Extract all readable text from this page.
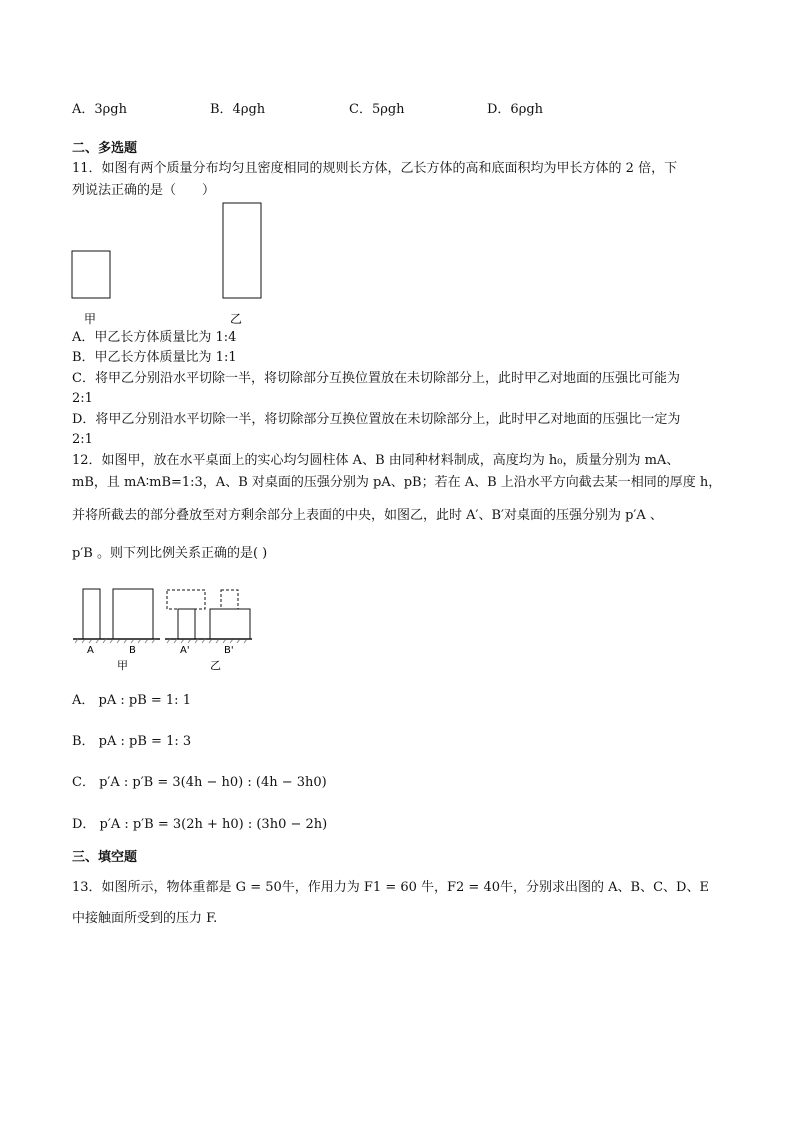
A．3ρgh	B．4ρgh	C．5ρgh	D．6ρgh
二、多选题
11．如图有两个质量分布均匀且密度相同的规则长方体，乙长方体的高和底面积均为甲长方体的 2 倍，下
列说法正确的是（　　）
甲	乙
A．甲乙长方体质量比为 1:4
B．甲乙长方体质量比为 1:1
C．将甲乙分别沿水平切除一半，将切除部分互换位置放在未切除部分上，此时甲乙对地面的压强比可能为
2:1
D．将甲乙分别沿水平切除一半，将切除部分互换位置放在未切除部分上，此时甲乙对地面的压强比一定为
2:1
12．如图甲，放在水平桌面上的实心均匀圆柱体 A、B 由同种材料制成，高度均为 h₀，质量分别为 mA、
mB，且 mA∶mB=1:3，A、B 对桌面的压强分别为 pA、pB；若在 A、B 上沿水平方向截去某一相同的厚度 h，
并将所截去的部分叠放至对方剩余部分上表面的中央，如图乙，此时 A′、B′对桌面的压强分别为 p′A 、
p′B 。则下列比例关系正确的是( )
A	B
甲
A'	B'
乙
A． pA : pB = 1: 1
B． pA : pB = 1: 3
C． p′A : p′B = 3(4h − h0) : (4h − 3h0)
D． p′A : p′B = 3(2h + h0) : (3h0 − 2h)
三、填空题
13．如图所示，物体重都是 G = 50牛，作用力为 F1 = 60 牛，F2 = 40牛，分别求出图的 A、B、C、D、E
中接触面所受到的压力 F.
